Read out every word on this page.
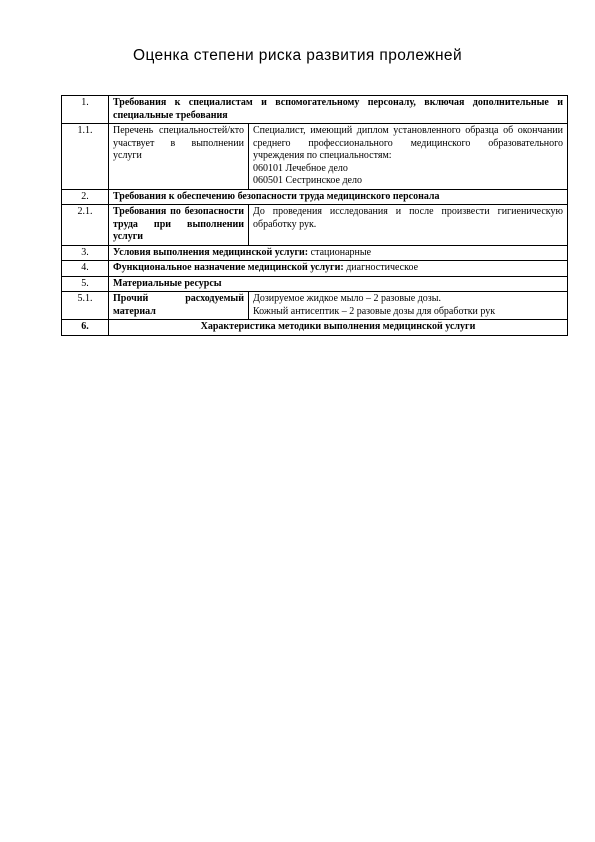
Оценка степени риска развития пролежней
1.	Требования к специалистам и вспомогательному персоналу, включая дополнительные и специальные требования	
1.1.	Перечень специальностей/кто участвует в выполнении услуги	Специалист, имеющий диплом установленного образца об окончании среднего профессионального медицинского образовательного учреждения по специальностям:
060101 Лечебное дело
060501 Сестринское дело

2.	Требования к обеспечению безопасности труда медицинского персонала	
2.1.	Требования по безопасности труда при выполнении услуги	До проведения исследования и после произвести гигиеническую обработку рук.
3.	Условия выполнения медицинской услуги: стационарные	
4.	Функциональное назначение медицинской услуги: диагностическое	
5.	Материальные ресурсы	
5.1.	Прочий расходуемый материал	Дозируемое жидкое мыло – 2 разовые дозы.
Кожный антисептик – 2 разовые дозы для обработки рук

6.	Характеристика методики выполнения медицинской услуги	
